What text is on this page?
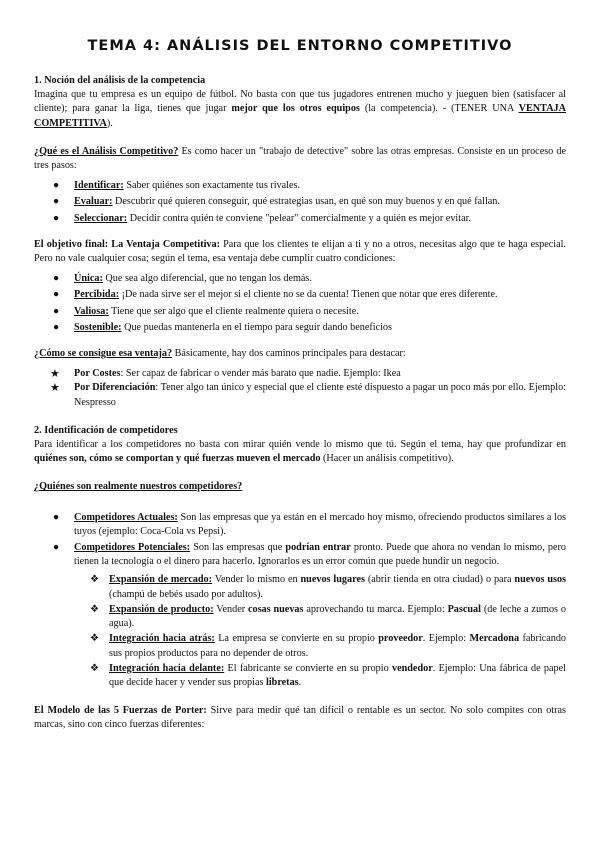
TEMA 4: ANÁLISIS DEL ENTORNO COMPETITIVO

1. Noción del análisis de la competencia

Imagina que tu empresa es un equipo de fútbol. No basta con que tus jugadores entrenen mucho y jueguen bien (satisfacer al cliente); para ganar la liga, tienes que jugar mejor que los otros equipos (la competencia). - (TENER UNA VENTAJA COMPETITIVA).

¿Qué es el Análisis Competitivo? Es como hacer un "trabajo de detective" sobre las otras empresas. Consiste en un proceso de tres pasos:

● Identificar: Saber quiénes son exactamente tus rivales.
● Evaluar: Descubrir qué quieren conseguir, qué estrategias usan, en qué son muy buenos y en qué fallan.
● Seleccionar: Decidir contra quién te conviene "pelear" comercialmente y a quién es mejor evitar.

El objetivo final: La Ventaja Competitiva: Para que los clientes te elijan a ti y no a otros, necesitas algo que te haga especial. Pero no vale cualquier cosa; según el tema, esa ventaja debe cumplir cuatro condiciones:

● Única: Que sea algo diferencial, que no tengan los demás.
● Percibida: ¡De nada sirve ser el mejor si el cliente no se da cuenta! Tienen que notar que eres diferente.
● Valiosa: Tiene que ser algo que el cliente realmente quiera o necesite.
● Sostenible: Que puedas mantenerla en el tiempo para seguir dando beneficios

¿Cómo se consigue esa ventaja? Básicamente, hay dos caminos principales para destacar:

★ Por Costes: Ser capaz de fabricar o vender más barato que nadie. Ejemplo: Ikea
★ Por Diferenciación: Tener algo tan único y especial que el cliente esté dispuesto a pagar un poco más por ello. Ejemplo: Nespresso

2. Identificación de competidores

Para identificar a los competidores no basta con mirar quién vende lo mismo que tú. Según el tema, hay que profundizar en quiénes son, cómo se comportan y qué fuerzas mueven el mercado (Hacer un análisis competitivo).

¿Quiénes son realmente nuestros competidores?

● Competidores Actuales: Son las empresas que ya están en el mercado hoy mismo, ofreciendo productos similares a los tuyos (ejemplo: Coca-Cola vs Pepsi).
● Competidores Potenciales: Son las empresas que podrían entrar pronto. Puede que ahora no vendan lo mismo, pero tienen la tecnología o el dinero para hacerlo. Ignorarlos es un error común que puede hundir un negocio.
❖ Expansión de mercado: Vender lo mismo en nuevos lugares (abrir tienda en otra ciudad) o para nuevos usos (champú de bebés usado por adultos).
❖ Expansión de producto: Vender cosas nuevas aprovechando tu marca. Ejemplo: Pascual (de leche a zumos o agua).
❖ Integración hacia atrás: La empresa se convierte en su propio proveedor. Ejemplo: Mercadona fabricando sus propios productos para no depender de otros.
❖ Integración hacia delante: El fabricante se convierte en su propio vendedor. Ejemplo: Una fábrica de papel que decide hacer y vender sus propias libretas.

El Modelo de las 5 Fuerzas de Porter: Sirve para medir qué tan difícil o rentable es un sector. No solo compites con otras marcas, sino con cinco fuerzas diferentes:
